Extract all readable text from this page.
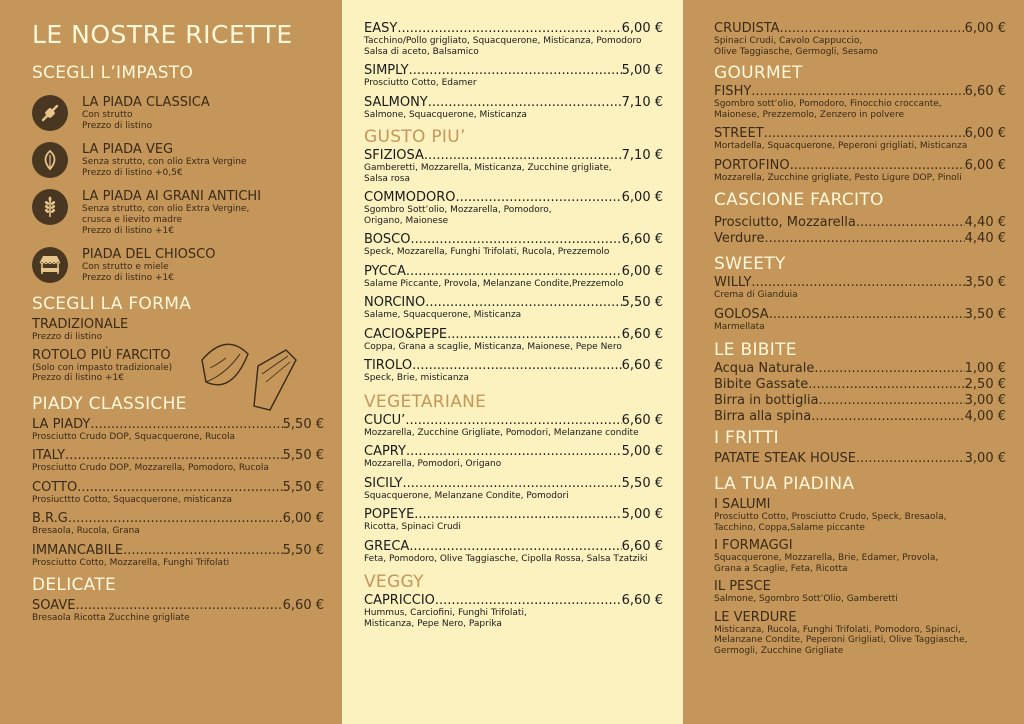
LE NOSTRE RICETTE
SCEGLI L’IMPASTO
LA PIADA CLASSICA
Con strutto
Prezzo di listino
LA PIADA VEG
Senza strutto, con olio Extra Vergine
Prezzo di listino +0,5€
LA PIADA AI GRANI ANTICHI
Senza strutto, con olio Extra Vergine,
crusca e lievito madre
Prezzo di listino +1€
PIADA DEL CHIOSCO
Con strutto e miele
Prezzo di listino +1€
SCEGLI LA FORMA
TRADIZIONALE
Prezzo di listino
ROTOLO PIÙ FARCITO
(Solo con impasto tradizionale)
Prezzo di listino +1€
PIADY CLASSICHE
LA PIADY .....	5,50 €
Prosciutto Crudo DOP, Squacquerone, Rucola
ITALY .....	5,50 €
Prosciutto Crudo DOP, Mozzarella, Pomodoro, Rucola
COTTO .....	5,50 €
Prosiucttto Cotto, Squacquerone, misticanza
B.R.G .....	6,00 €
Bresaola, Rucola, Grana
IMMANCABILE .....	5,50 €
Prosciutto Cotto, Mozzarella, Funghi Trifolati
DELICATE
SOAVE .....	6,60 €
Bresaola Ricotta Zucchine grigliate
EASY .....	6,00 €
Tacchino/Pollo grigliato, Squacquerone, Misticanza, Pomodoro
Salsa di aceto, Balsamico
SIMPLY .....	5,00 €
Prosciutto Cotto, Edamer
SALMONY .....	7,10 €
Salmone, Squacquerone, Misticanza
GUSTO PIU’
SFIZIOSA .....	7,10 €
Gamberetti, Mozzarella, Misticanza, Zucchine grigliate,
Salsa rosa
COMMODORO .....	6,00 €
Sgombro Sott’olio, Mozzarella, Pomodoro,
Origano, Maionese
BOSCO .....	6,60 €
Speck, Mozzarella, Funghi Trifolati, Rucola, Prezzemolo
PYCCA .....	6,00 €
Salame Piccante, Provola, Melanzane Condite,Prezzemolo
NORCINO .....	5,50 €
Salame, Squacquerone, Misticanza
CACIO&PEPE .....	6,60 €
Coppa, Grana a scaglie, Misticanza, Maionese, Pepe Nero
TIROLO .....	6,60 €
Speck, Brie, misticanza
VEGETARIANE
CUCU’ .....	6,60 €
Mozzarella, Zucchine Grigliate, Pomodori, Melanzane condite
CAPRY .....	5,00 €
Mozzarella, Pomodori, Origano
SICILY .....	5,50 €
Squacquerone, Melanzane Condite, Pomodori
POPEYE .....	5,00 €
Ricotta, Spinaci Crudi
GRECA .....	6,60 €
Feta, Pomodoro, Olive Taggiasche, Cipolla Rossa, Salsa Tzatziki
VEGGY
CAPRICCIO .....	6,60 €
Hummus, Carciofini, Funghi Trifolati,
Misticanza, Pepe Nero, Paprika
CRUDISTA .....	6,00 €
Spinaci Crudi, Cavolo Cappuccio,
Olive Taggiasche, Germogli, Sesamo
GOURMET
FISHY .....	6,60 €
Sgombro sott’olio, Pomodoro, Finocchio croccante,
Maionese, Prezzemolo, Zenzero in polvere
STREET .....	6,00 €
Mortadella, Squacquerone, Peperoni grigliati, Misticanza
PORTOFINO .....	6,00 €
Mozzarella, Zucchine grigliate, Pesto Ligure DOP, Pinoli
CASCIONE FARCITO
Prosciutto, Mozzarella .....	4,40 €
Verdure .....	4,40 €
SWEETY
WILLY .....	3,50 €
Crema di Gianduia
GOLOSA .....	3,50 €
Marmellata
LE BIBITE
Acqua Naturale .....	1,00 €
Bibite Gassate .....	2,50 €
Birra in bottiglia .....	3,00 €
Birra alla spina .....	4,00 €
I FRITTI
PATATE STEAK HOUSE .....	3,00 €
LA TUA PIADINA
I SALUMI
Prosciutto Cotto, Prosciutto Crudo, Speck, Bresaola,
Tacchino, Coppa,Salame piccante
I FORMAGGI
Squacquerone, Mozzarella, Brie, Edamer, Provola,
Grana a Scaglie, Feta, Ricotta
IL PESCE
Salmone, Sgombro Sott’Olio, Gamberetti
LE VERDURE
Misticanza, Rucola, Funghi Trifolati, Pomodoro, Spinaci,
Melanzane Condite, Peperoni Grigliati, Olive Taggiasche,
Germogli, Zucchine Grigliate
